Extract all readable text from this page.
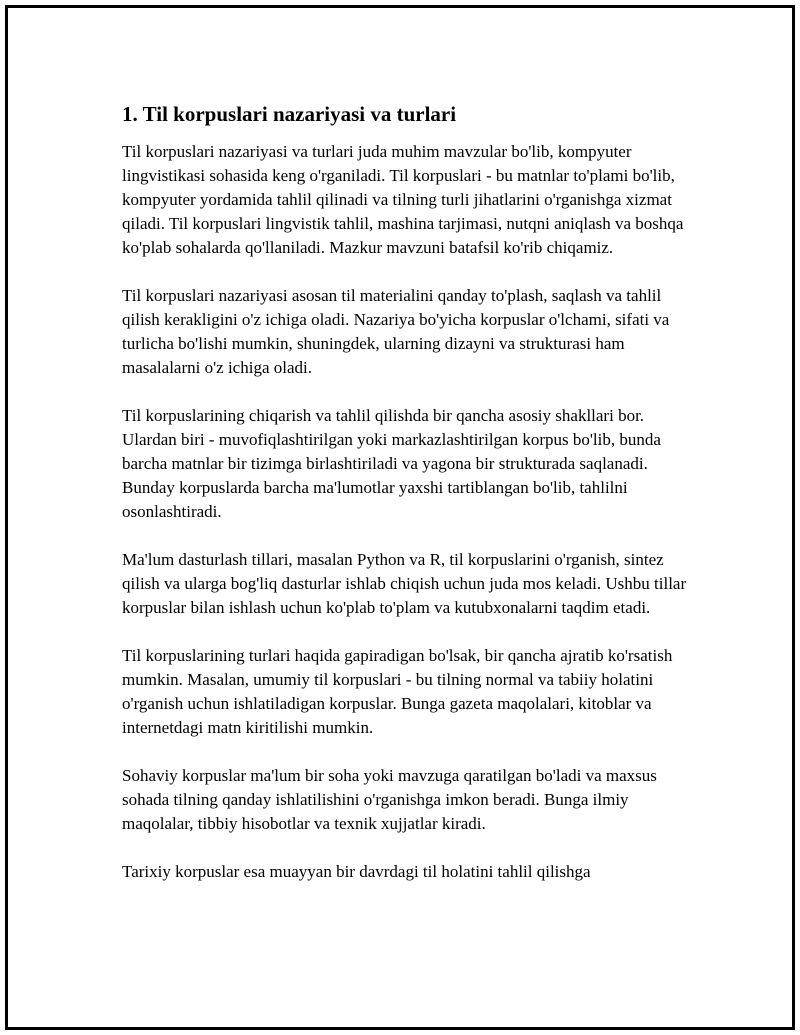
1. Til korpuslari nazariyasi va turlari

Til korpuslari nazariyasi va turlari juda muhim mavzular bo'lib, kompyuter lingvistikasi sohasida keng o'rganiladi. Til korpuslari - bu matnlar to'plami bo'lib, kompyuter yordamida tahlil qilinadi va tilning turli jihatlarini o'rganishga xizmat qiladi. Til korpuslari lingvistik tahlil, mashina tarjimasi, nutqni aniqlash va boshqa ko'plab sohalarda qo'llaniladi. Mazkur mavzuni batafsil ko'rib chiqamiz.

Til korpuslari nazariyasi asosan til materialini qanday to'plash, saqlash va tahlil qilish kerakligini o'z ichiga oladi. Nazariya bo'yicha korpuslar o'lchami, sifati va turlicha bo'lishi mumkin, shuningdek, ularning dizayni va strukturasi ham masalalarni o'z ichiga oladi.

Til korpuslarining chiqarish va tahlil qilishda bir qancha asosiy shakllari bor. Ulardan biri - muvofiqlashtirilgan yoki markazlashtirilgan korpus bo'lib, bunda barcha matnlar bir tizimga birlashtiriladi va yagona bir strukturada saqlanadi. Bunday korpuslarda barcha ma'lumotlar yaxshi tartiblangan bo'lib, tahlilni osonlashtiradi.

Ma'lum dasturlash tillari, masalan Python va R, til korpuslarini o'rganish, sintez qilish va ularga bog'liq dasturlar ishlab chiqish uchun juda mos keladi. Ushbu tillar korpuslar bilan ishlash uchun ko'plab to'plam va kutubxonalarni taqdim etadi.

Til korpuslarining turlari haqida gapiradigan bo'lsak, bir qancha ajratib ko'rsatish mumkin. Masalan, umumiy til korpuslari - bu tilning normal va tabiiy holatini o'rganish uchun ishlatiladigan korpuslar. Bunga gazeta maqolalari, kitoblar va internetdagi matn kiritilishi mumkin.

Sohaviy korpuslar ma'lum bir soha yoki mavzuga qaratilgan bo'ladi va maxsus sohada tilning qanday ishlatilishini o'rganishga imkon beradi. Bunga ilmiy maqolalar, tibbiy hisobotlar va texnik xujjatlar kiradi.

Tarixiy korpuslar esa muayyan bir davrdagi til holatini tahlil qilishga
